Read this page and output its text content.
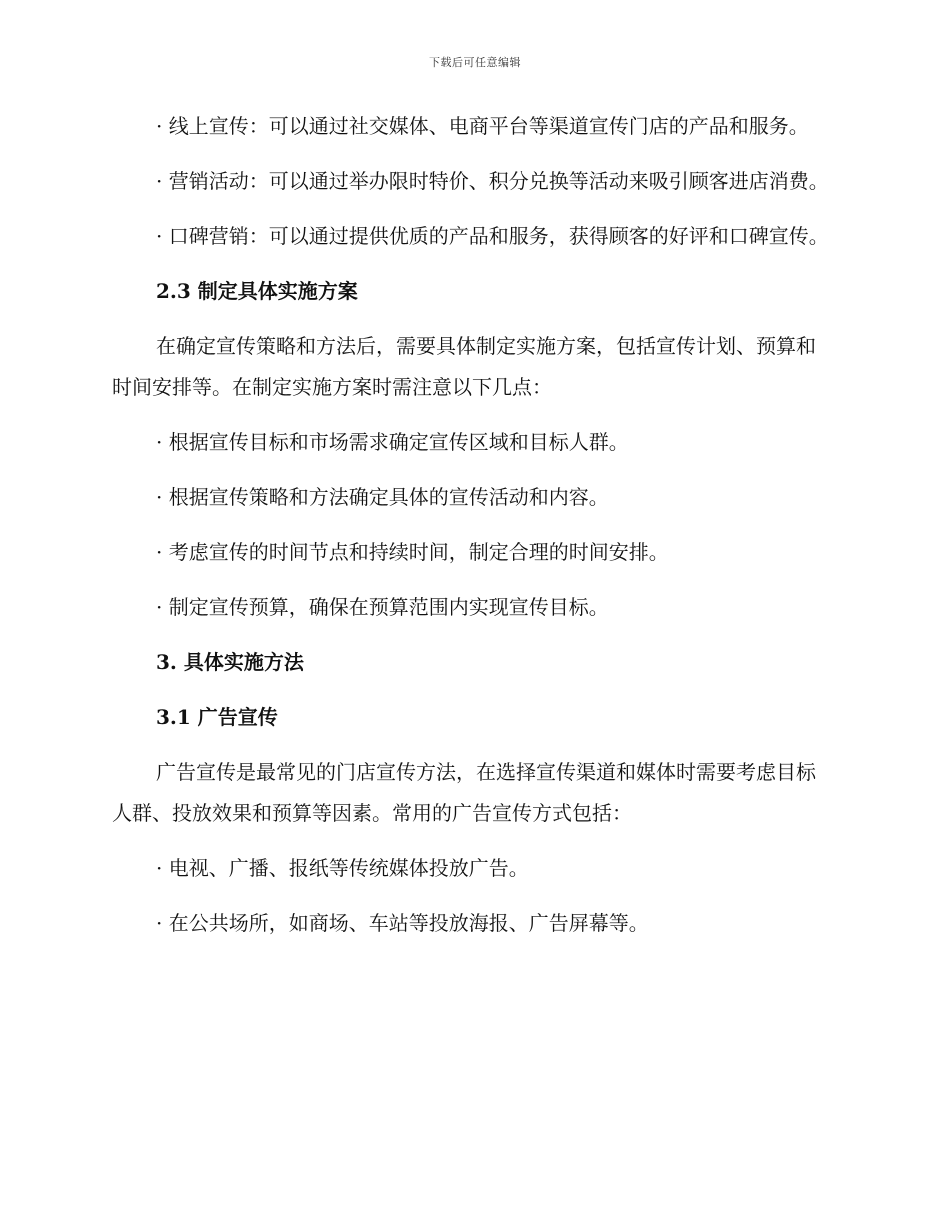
下载后可任意编辑

· 线上宣传：可以通过社交媒体、电商平台等渠道宣传门店的产品和服务。

· 营销活动：可以通过举办限时特价、积分兑换等活动来吸引顾客进店消费。

· 口碑营销：可以通过提供优质的产品和服务，获得顾客的好评和口碑宣传。

2.3 制定具体实施方案

在确定宣传策略和方法后，需要具体制定实施方案，包括宣传计划、预算和时间安排等。在制定实施方案时需注意以下几点：

· 根据宣传目标和市场需求确定宣传区域和目标人群。

· 根据宣传策略和方法确定具体的宣传活动和内容。

· 考虑宣传的时间节点和持续时间，制定合理的时间安排。

· 制定宣传预算，确保在预算范围内实现宣传目标。

3. 具体实施方法

3.1 广告宣传

广告宣传是最常见的门店宣传方法，在选择宣传渠道和媒体时需要考虑目标人群、投放效果和预算等因素。常用的广告宣传方式包括：

· 电视、广播、报纸等传统媒体投放广告。

· 在公共场所，如商场、车站等投放海报、广告屏幕等。
